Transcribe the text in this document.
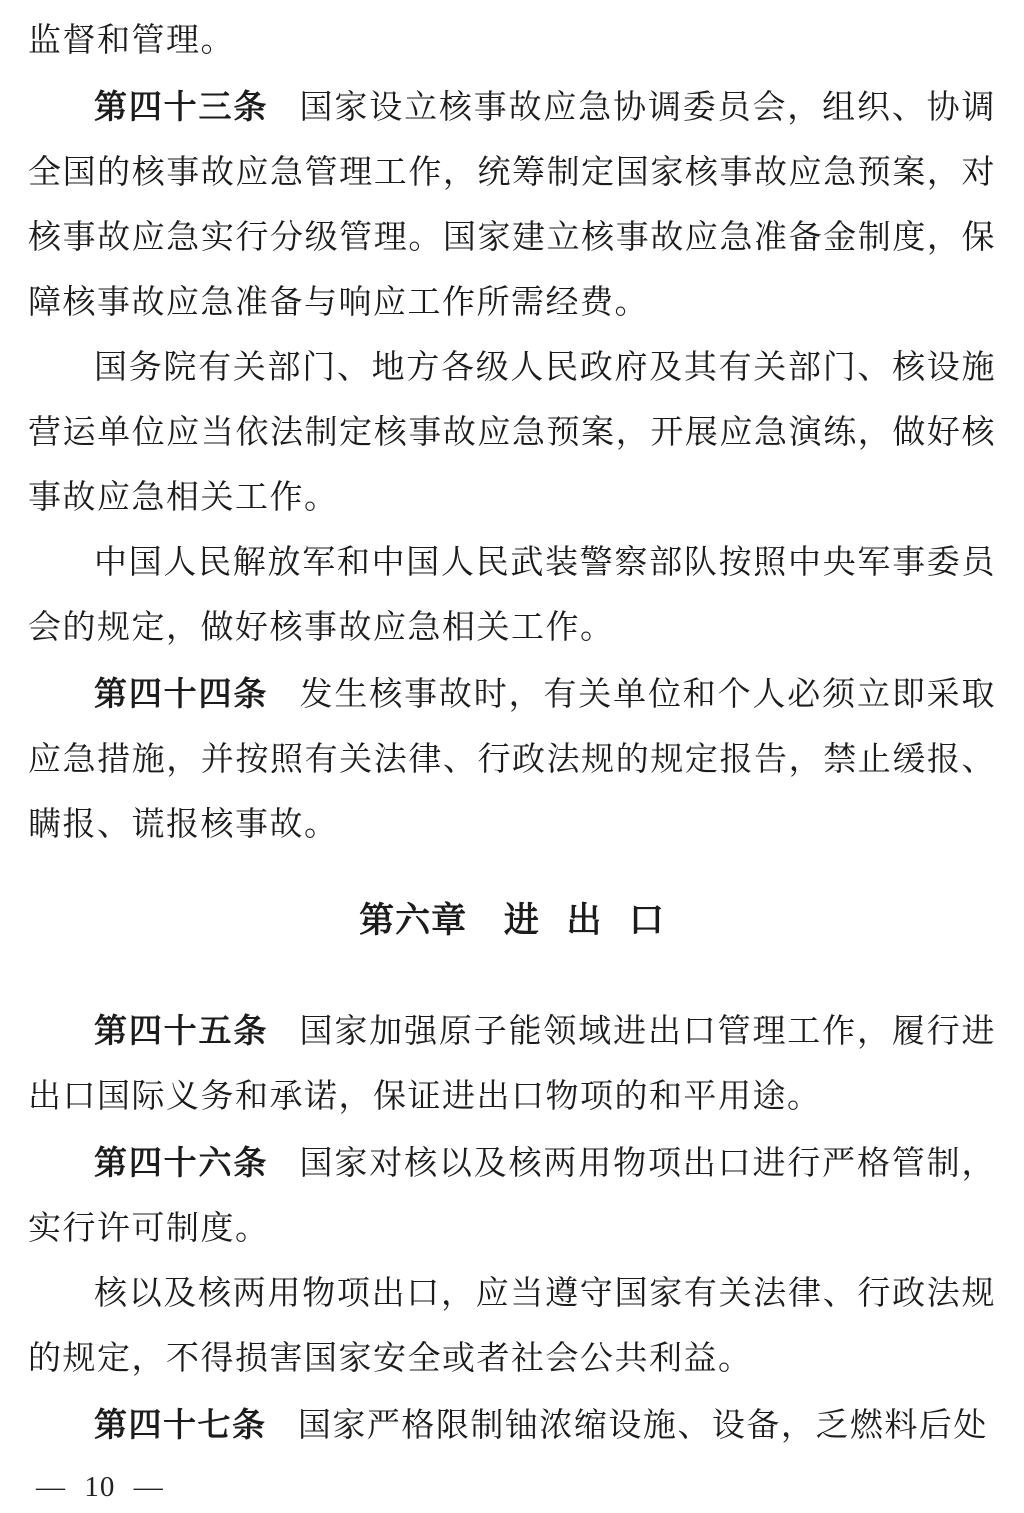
监督和管理。

第四十三条 国家设立核事故应急协调委员会，组织、协调全国的核事故应急管理工作，统筹制定国家核事故应急预案，对核事故应急实行分级管理。国家建立核事故应急准备金制度，保障核事故应急准备与响应工作所需经费。

国务院有关部门、地方各级人民政府及其有关部门、核设施营运单位应当依法制定核事故应急预案，开展应急演练，做好核事故应急相关工作。

中国人民解放军和中国人民武装警察部队按照中央军事委员会的规定，做好核事故应急相关工作。

第四十四条 发生核事故时，有关单位和个人必须立即采取应急措施，并按照有关法律、行政法规的规定报告，禁止缓报、瞒报、谎报核事故。

第六章 进 出 口

第四十五条 国家加强原子能领域进出口管理工作，履行进出口国际义务和承诺，保证进出口物项的和平用途。

第四十六条 国家对核以及核两用物项出口进行严格管制，实行许可制度。

核以及核两用物项出口，应当遵守国家有关法律、行政法规的规定，不得损害国家安全或者社会公共利益。

第四十七条 国家严格限制铀浓缩设施、设备，乏燃料后处

— 10 —
